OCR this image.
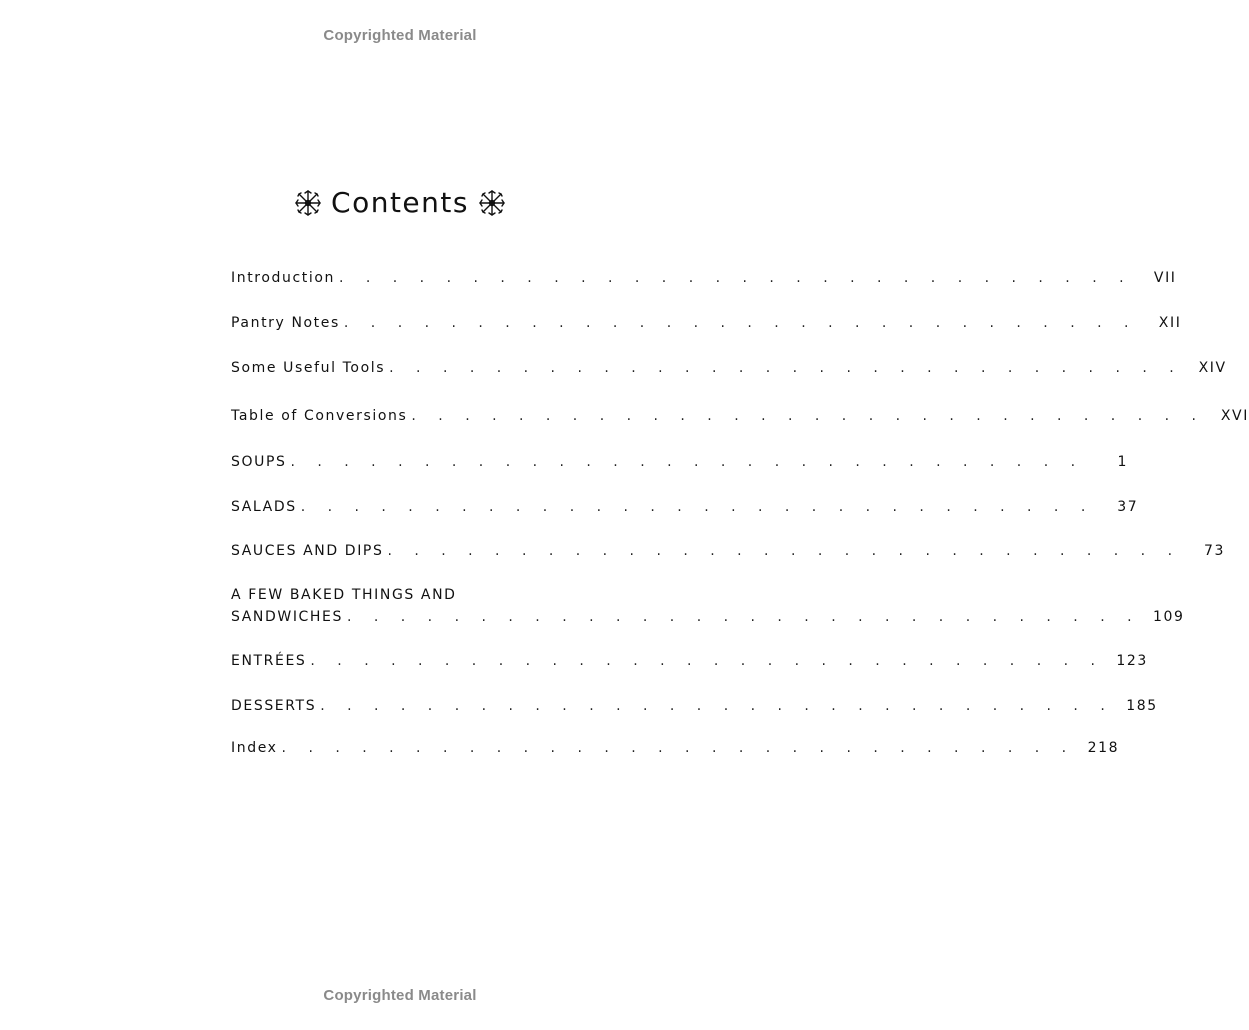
Copyrighted Material
Contents
Introduction . . . . . . . . . . . . . . . . . . . . . . . . . . . . . .	VII
Pantry Notes . . . . . . . . . . . . . . . . . . . . . . . . . . . . . .	XII
Some Useful Tools . . . . . . . . . . . . . . . . . . . . . . . . . . . . . .	XIV
Table of Conversions . . . . . . . . . . . . . . . . . . . . . . . . . . . . . .	XVI
SOUPS . . . . . . . . . . . . . . . . . . . . . . . . . . . . . .	1
SALADS . . . . . . . . . . . . . . . . . . . . . . . . . . . . . .	37
SAUCES AND DIPS . . . . . . . . . . . . . . . . . . . . . . . . . . . . . .	73
A FEW BAKED THINGS AND
SANDWICHES . . . . . . . . . . . . . . . . . . . . . . . . . . . . . . 109
ENTRÉES . . . . . . . . . . . . . . . . . . . . . . . . . . . . . . 123
DESSERTS . . . . . . . . . . . . . . . . . . . . . . . . . . . . . . 185
Index . . . . . . . . . . . . . . . . . . . . . . . . . . . . . . 218
Copyrighted Material
